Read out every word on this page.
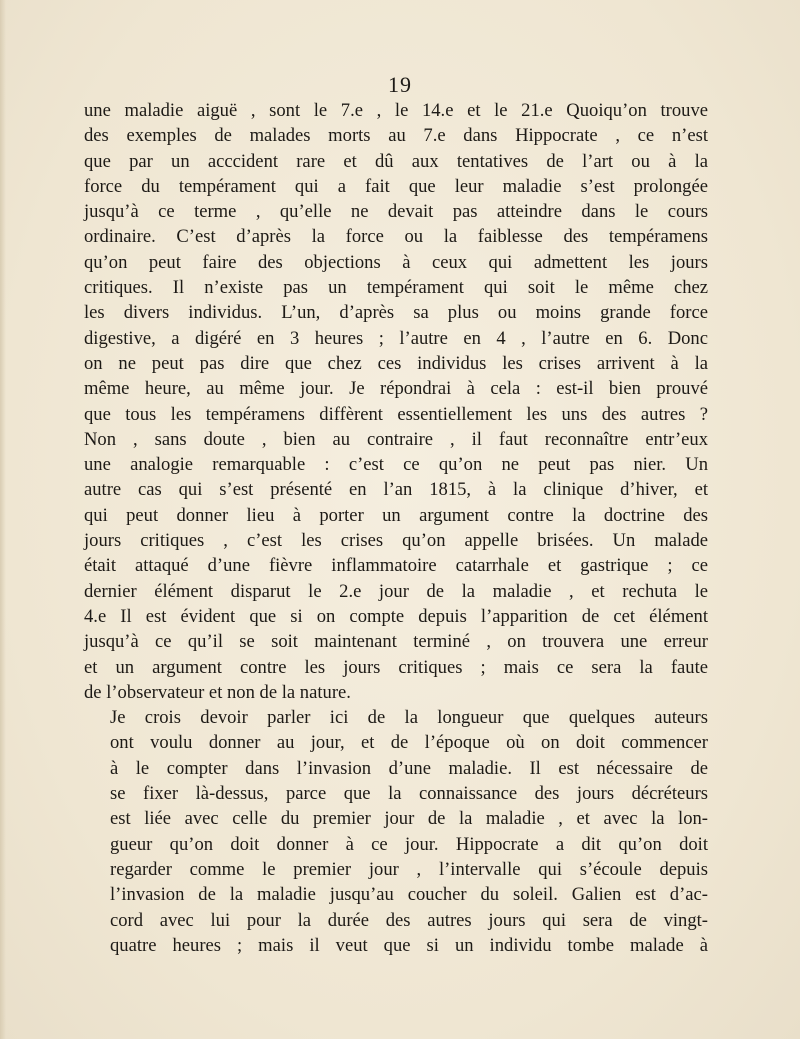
19

une maladie aiguë , sont le 7.e , le 14.e et le 21.e Quoiqu’on trouve
des exemples de malades morts au 7.e dans Hippocrate , ce n’est
que par un acccident rare et dû aux tentatives de l’art ou à la
force du tempérament qui a fait que leur maladie s’est prolongée
jusqu’à ce terme , qu’elle ne devait pas atteindre dans le cours
ordinaire. C’est d’après la force ou la faiblesse des tempéramens
qu’on peut faire des objections à ceux qui admettent les jours
critiques. Il n’existe pas un tempérament qui soit le même chez
les divers individus. L’un, d’après sa plus ou moins grande force
digestive, a digéré en 3 heures ; l’autre en 4 , l’autre en 6. Donc
on ne peut pas dire que chez ces individus les crises arrivent à la
même heure, au même jour. Je répondrai à cela : est-il bien prouvé
que tous les tempéramens diffèrent essentiellement les uns des autres ?
Non , sans doute , bien au contraire , il faut reconnaître entr’eux
une analogie remarquable : c’est ce qu’on ne peut pas nier. Un
autre cas qui s’est présenté en l’an 1815, à la clinique d’hiver, et
qui peut donner lieu à porter un argument contre la doctrine des
jours critiques , c’est les crises qu’on appelle brisées. Un malade
était attaqué d’une fièvre inflammatoire catarrhale et gastrique ; ce
dernier élément disparut le 2.e jour de la maladie , et rechuta le
4.e Il est évident que si on compte depuis l’apparition de cet élément
jusqu’à ce qu’il se soit maintenant terminé , on trouvera une erreur
et un argument contre les jours critiques ; mais ce sera la faute
de l’observateur et non de la nature.

Je crois devoir parler ici de la longueur que quelques auteurs
ont voulu donner au jour, et de l’époque où on doit commencer
à le compter dans l’invasion d’une maladie. Il est nécessaire de
se fixer là-dessus, parce que la connaissance des jours décréteurs
est liée avec celle du premier jour de la maladie , et avec la lon-
gueur qu’on doit donner à ce jour. Hippocrate a dit qu’on doit
regarder comme le premier jour , l’intervalle qui s’écoule depuis
l’invasion de la maladie jusqu’au coucher du soleil. Galien est d’ac-
cord avec lui pour la durée des autres jours qui sera de vingt-
quatre heures ; mais il veut que si un individu tombe malade à
